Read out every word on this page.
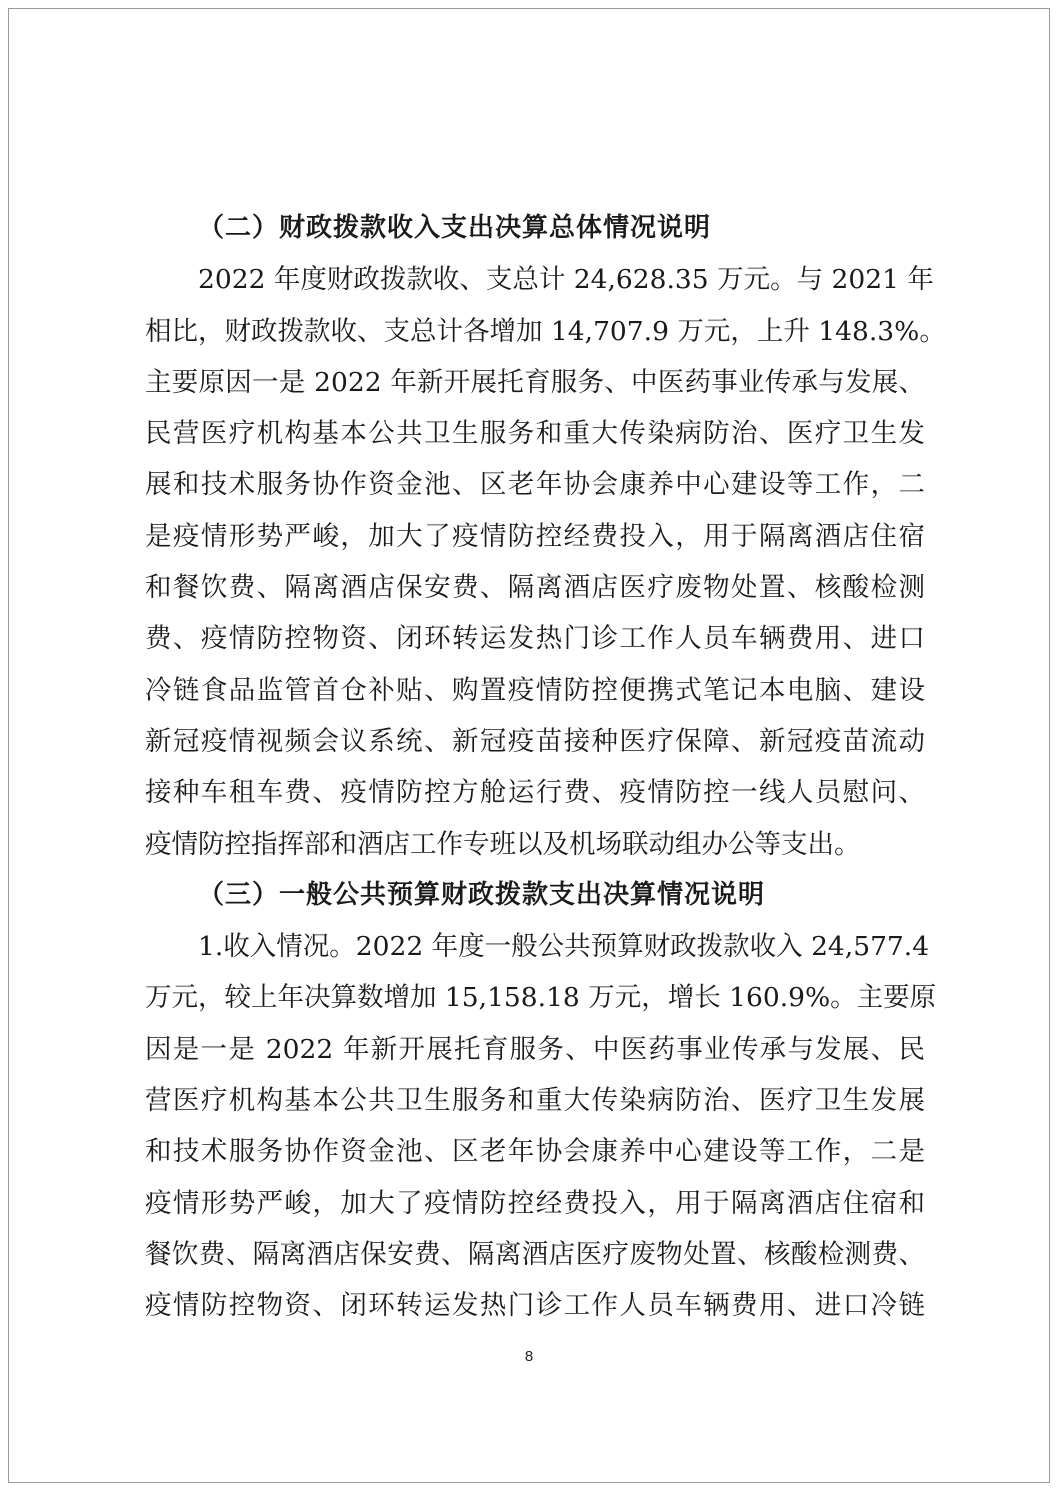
（二）财政拨款收入支出决算总体情况说明
2022 年度财政拨款收、支总计 24,628.35 万元。与 2021 年
相比，财政拨款收、支总计各增加 14,707.9 万元，上升 148.3%。
主要原因一是 2022 年新开展托育服务、中医药事业传承与发展、
民营医疗机构基本公共卫生服务和重大传染病防治、医疗卫生发
展和技术服务协作资金池、区老年协会康养中心建设等工作，二
是疫情形势严峻，加大了疫情防控经费投入，用于隔离酒店住宿
和餐饮费、隔离酒店保安费、隔离酒店医疗废物处置、核酸检测
费、疫情防控物资、闭环转运发热门诊工作人员车辆费用、进口
冷链食品监管首仓补贴、购置疫情防控便携式笔记本电脑、建设
新冠疫情视频会议系统、新冠疫苗接种医疗保障、新冠疫苗流动
接种车租车费、疫情防控方舱运行费、疫情防控一线人员慰问、
疫情防控指挥部和酒店工作专班以及机场联动组办公等支出。
（三）一般公共预算财政拨款支出决算情况说明
1.收入情况。2022 年度一般公共预算财政拨款收入 24,577.4
万元，较上年决算数增加 15,158.18 万元，增长 160.9%。主要原
因是一是 2022 年新开展托育服务、中医药事业传承与发展、民
营医疗机构基本公共卫生服务和重大传染病防治、医疗卫生发展
和技术服务协作资金池、区老年协会康养中心建设等工作，二是
疫情形势严峻，加大了疫情防控经费投入，用于隔离酒店住宿和
餐饮费、隔离酒店保安费、隔离酒店医疗废物处置、核酸检测费、
疫情防控物资、闭环转运发热门诊工作人员车辆费用、进口冷链
8
